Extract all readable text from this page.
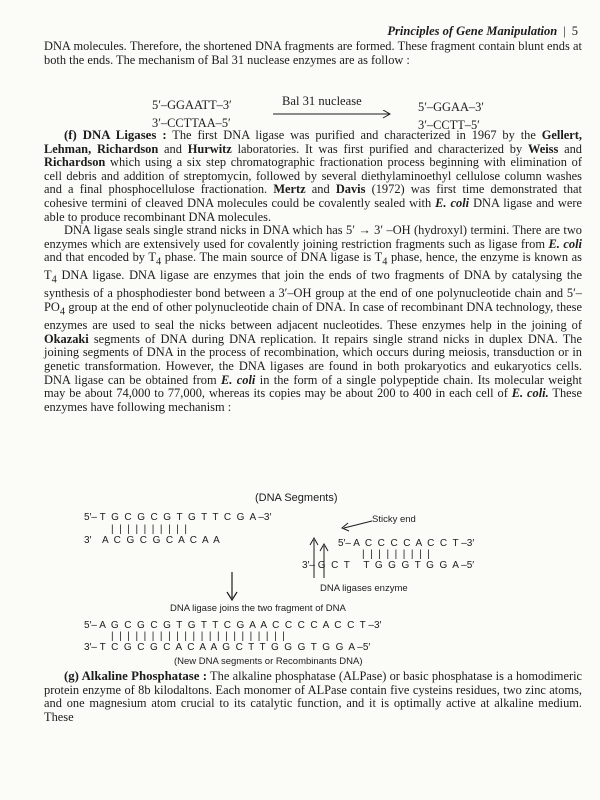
Principles of Gene Manipulation | 5

DNA molecules. Therefore, the shortened DNA fragments are formed. These fragment contain blunt ends at both the ends. The mechanism of Bal 31 nuclease enzymes are as follow :

5′–GGAATT–3′
3′–CCTTAA–5′
Bal 31 nuclease	5′–GGAA–3′
3′–CCTT–5′

(f) DNA Ligases : The first DNA ligase was purified and characterized in 1967 by the Gellert, Lehman, Richardson and Hurwitz laboratories. It was first purified and characterized by Weiss and Richardson which using a six step chromatographic fractionation process beginning with elimination of cell debris and addition of streptomycin, followed by several diethylaminoethyl cellulose column washes and a final phosphocellulose fractionation. Mertz and Davis (1972) was first time demonstrated that cohesive termini of cleaved DNA molecules could be covalently sealed with E. coli DNA ligase and were able to produce recombinant DNA molecules.

DNA ligase seals single strand nicks in DNA which has 5′ → 3′ –OH (hydroxyl) termini. There are two enzymes which are extensively used for covalently joining restriction fragments such as ligase from E. coli and that encoded by $T_4$ phase. The main source of DNA ligase is $T_4$ phase, hence, the enzyme is known as $T_4$ DNA ligase. DNA ligase are enzymes that join the ends of two fragments of DNA by catalysing the synthesis of a phosphodiester bond between a 3′–OH group at the end of one polynucleotide chain and $5'-PO_4$ group at the end of other polynucleotide chain of DNA. In case of recombinant DNA technology, these enzymes are used to seal the nicks between adjacent nucleotides. These enzymes help in the joining of Okazaki segments of DNA during DNA replication. It repairs single strand nicks in duplex DNA. The joining segments of DNA in the process of recombination, which occurs during meiosis, transduction or in genetic transformation. However, the DNA ligases are found in both prokaryotics and eukaryotics cells. DNA ligase can be obtained from E. coli in the form of a single polypeptide chain. Its molecular weight may be about 74,000 to 77,000, whereas its copies may be about 200 to 400 in each cell of E. coli. These enzymes have following mechanism :

(DNA Segments)
5′– T  G  C  G  C  G  T  G  T  T  C  G  A –3′	Sticky end
|  |  |  |  |  |  |  |  |  |
3′    A  C  G  C  G  C  A  C  A  A	5′– A  C  C  C  C  A  C  C  T –3′
|  |  |  |  |  |  |  |  |
3′– G  C  T     T  G  G  G  T  G  G  A –5′
DNA ligases enzyme
DNA ligase joins the two fragment of DNA
5′– A  G  C  G  C  G  T  G  T  T  C  G  A  A  C  C  C  C  A  C  C  T –3′
|  |  |  |  |  |  |  |  |  |  |  |  |  |  |  |  |  |  |  |  |  |
3′– T  C  G  C  G  C  A  C  A  A  G  C  T  T  G  G  G  T  G  G  A –5′
(New DNA segments or Recombinants DNA)

(g) Alkaline Phosphatase : The alkaline phosphatase (ALPase) or basic phosphatase is a homodimeric protein enzyme of 8b kilodaltons. Each monomer of ALPase contain five cysteins residues, two zinc atoms, and one magnesium atom crucial to its catalytic function, and it is optimally active at alkaline medium. These
